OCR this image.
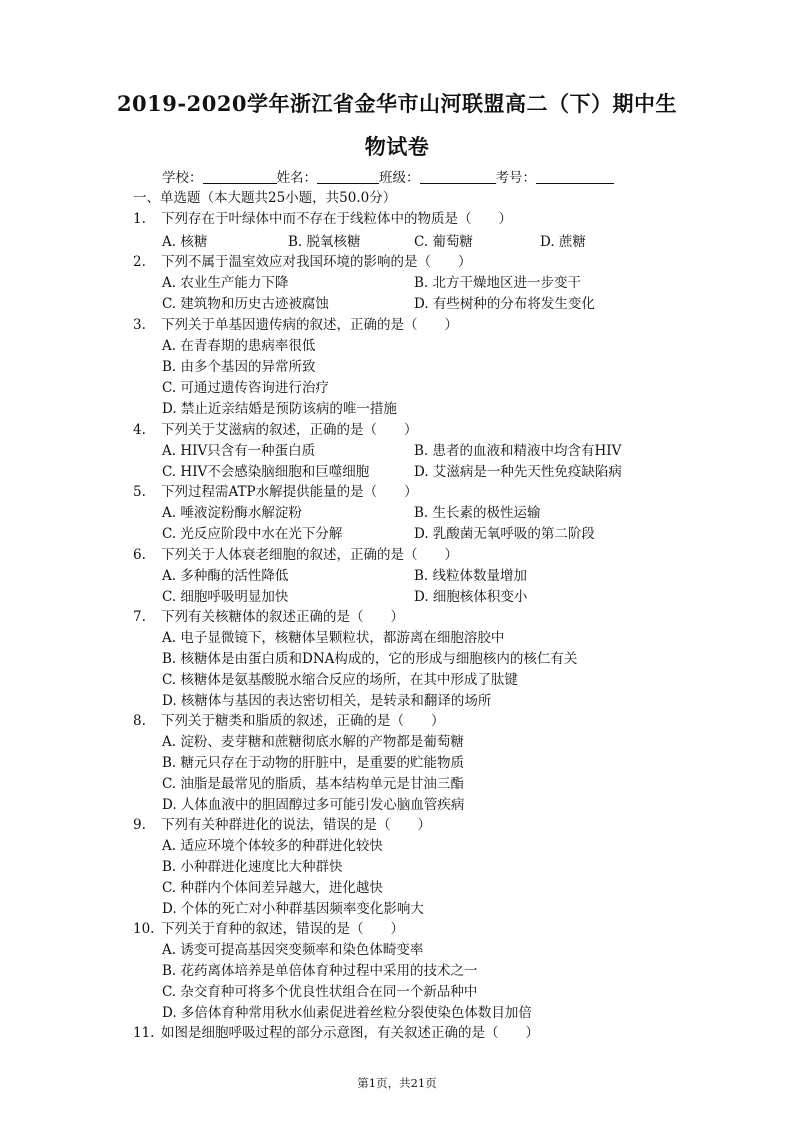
2019-2020学年浙江省金华市山河联盟高二（下）期中生
物试卷
学校：	姓名：	班级：	考号：
一、单选题（本大题共25小题，共50.0分）
1. 下列存在于叶绿体中而不存在于线粒体中的物质是（　　）
A. 核糖	B. 脱氧核糖	C. 葡萄糖	D. 蔗糖
2. 下列不属于温室效应对我国环境的影响的是（　　）
A. 农业生产能力下降	B. 北方干燥地区进一步变干
C. 建筑物和历史古迹被腐蚀	D. 有些树种的分布将发生变化
3. 下列关于单基因遗传病的叙述，正确的是（　　）
A. 在青春期的患病率很低
B. 由多个基因的异常所致
C. 可通过遗传咨询进行治疗
D. 禁止近亲结婚是预防该病的唯一措施
4. 下列关于艾滋病的叙述，正确的是（　　）
A. HIV只含有一种蛋白质	B. 患者的血液和精液中均含有HIV
C. HIV不会感染脑细胞和巨噬细胞	D. 艾滋病是一种先天性免疫缺陷病
5. 下列过程需ATP水解提供能量的是（　　）
A. 唾液淀粉酶水解淀粉	B. 生长素的极性运输
C. 光反应阶段中水在光下分解	D. 乳酸菌无氧呼吸的第二阶段
6. 下列关于人体衰老细胞的叙述，正确的是（　　）
A. 多种酶的活性降低	B. 线粒体数量增加
C. 细胞呼吸明显加快	D. 细胞核体积变小
7. 下列有关核糖体的叙述正确的是（　　）
A. 电子显微镜下，核糖体呈颗粒状，都游离在细胞溶胶中
B. 核糖体是由蛋白质和DNA构成的，它的形成与细胞核内的核仁有关
C. 核糖体是氨基酸脱水缩合反应的场所，在其中形成了肽键
D. 核糖体与基因的表达密切相关，是转录和翻译的场所
8. 下列关于糖类和脂质的叙述，正确的是（　　）
A. 淀粉、麦芽糖和蔗糖彻底水解的产物都是葡萄糖
B. 糖元只存在于动物的肝脏中，是重要的贮能物质
C. 油脂是最常见的脂质，基本结构单元是甘油三酯
D. 人体血液中的胆固醇过多可能引发心脑血管疾病
9. 下列有关种群进化的说法，错误的是（　　）
A. 适应环境个体较多的种群进化较快
B. 小种群进化速度比大种群快
C. 种群内个体间差异越大，进化越快
D. 个体的死亡对小种群基因频率变化影响大
10. 下列关于育种的叙述，错误的是（　　）
A. 诱变可提高基因突变频率和染色体畸变率
B. 花药离体培养是单倍体育种过程中采用的技术之一
C. 杂交育种可将多个优良性状组合在同一个新品种中
D. 多倍体育种常用秋水仙素促进着丝粒分裂使染色体数目加倍
11. 如图是细胞呼吸过程的部分示意图，有关叙述正确的是（　　）
第1页，共21页
